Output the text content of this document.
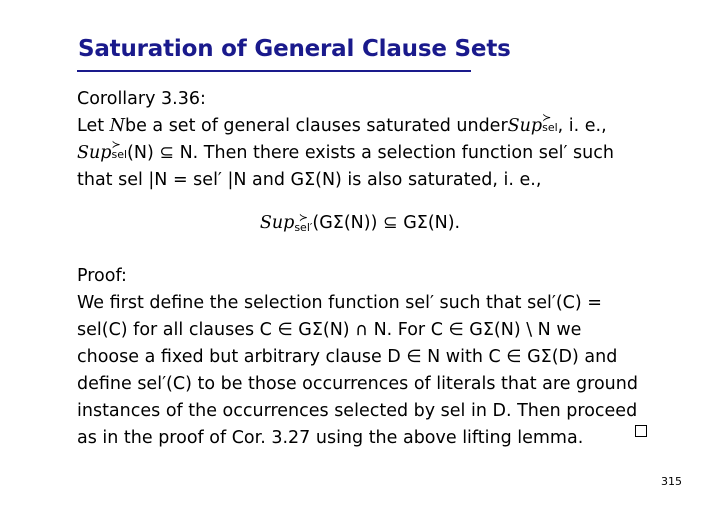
Saturation of General Clause Sets
Corollary 3.36:
Let
N be a set of general clauses saturated under Sup ≻
sel , i. e.,
Sup ≻
sel (N) ⊆ N. Then there exists a selection function sel′ such
that sel |N = sel′ |N and GΣ(N) is also saturated, i. e.,
Sup ≻
sel′ (GΣ(N)) ⊆ GΣ(N).
Proof:
We first define the selection function sel′ such that sel′(C) =
sel(C) for all clauses C ∈ GΣ(N) ∩ N. For C ∈ GΣ(N) \ N we
choose a fixed but arbitrary clause D ∈ N with C ∈ GΣ(D) and
define sel′(C) to be those occurrences of literals that are ground
instances of the occurrences selected by sel in D. Then proceed
as in the proof of Cor. 3.27 using the above lifting lemma.
315
